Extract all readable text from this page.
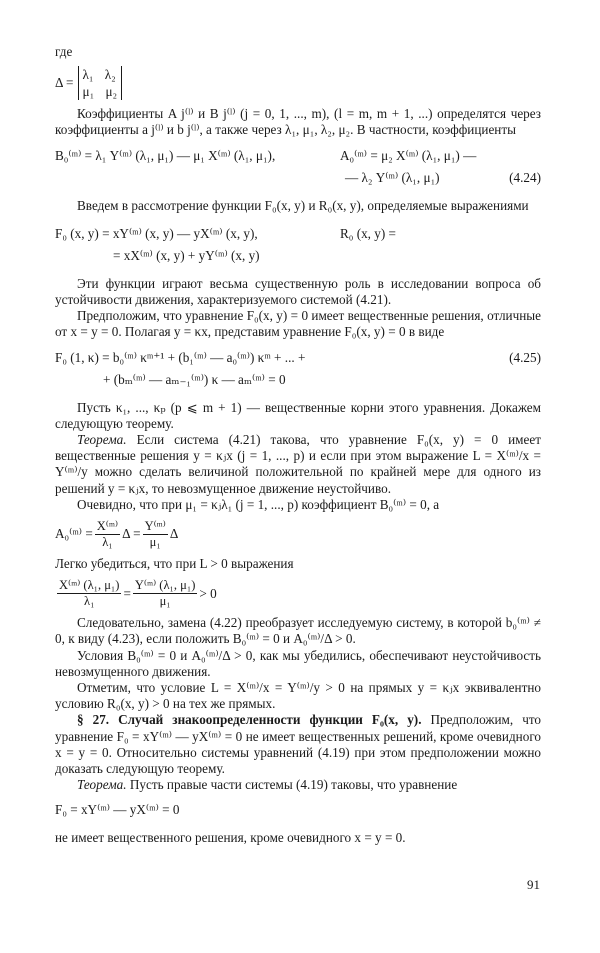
где

Δ =
λ₁ λ₂
μ₁ μ₂

Коэффициенты A j⁽ˡ⁾ и B j⁽ˡ⁾ (j = 0, 1, ..., m), (l = m, m + 1, ...) определятся через коэффициенты a j⁽ˡ⁾ и b j⁽ˡ⁾, а также через λ₁, μ₁, λ₂, μ₂. В частности, коэффициенты

B₀⁽ᵐ⁾ = λ₁ Y⁽ᵐ⁾ (λ₁, μ₁) — μ₁ X⁽ᵐ⁾ (λ₁, μ₁),	A₀⁽ᵐ⁾ = μ₂ X⁽ᵐ⁾ (λ₁, μ₁) —
— λ₂ Y⁽ᵐ⁾ (λ₁, μ₁)	(4.24)

Введем в рассмотрение функции F₀(x, y) и R₀(x, y), определяемые выражениями

F₀ (x, y) = xY⁽ᵐ⁾ (x, y) — yX⁽ᵐ⁾ (x, y),	R₀ (x, y) =
= xX⁽ᵐ⁾ (x, y) + yY⁽ᵐ⁾ (x, y)

Эти функции играют весьма существенную роль в исследовании вопроса об устойчивости движения, характеризуемого системой (4.21).

Предположим, что уравнение F₀(x, y) = 0 имеет вещественные решения, отличные от x = y = 0. Полагая y = κx, представим уравнение F₀(x, y) = 0 в виде

F₀ (1, κ) = b₀⁽ᵐ⁾ κᵐ⁺¹ + (b₁⁽ᵐ⁾ — a₀⁽ᵐ⁾) κᵐ + ... +	(4.25)
+ (bₘ⁽ᵐ⁾ — aₘ₋₁⁽ᵐ⁾) κ — aₘ⁽ᵐ⁾ = 0

Пусть κ₁, ..., κₚ (p ⩽ m + 1) — вещественные корни этого уравнения. Докажем следующую теорему.

Теорема. Если система (4.21) такова, что уравнение F₀(x, y) = 0 имеет вещественные решения y = κⱼx (j = 1, ..., p) и если при этом выражение L = X⁽ᵐ⁾/x = Y⁽ᵐ⁾/y можно сделать величиной положительной по крайней мере для одного из решений y = κⱼx, то невозмущенное движение неустойчиво.

Очевидно, что при μ₁ = κⱼλ₁ (j = 1, ..., p) коэффициент B₀⁽ᵐ⁾ = 0, а

A₀⁽ᵐ⁾ = $\frac{\text{X⁽ᵐ⁾}}{\text{λ₁}}$ $\Delta = \frac{\text{Y⁽ᵐ⁾}}{\text{μ₁}}$ Δ

Легко убедиться, что при L > 0 выражения

$\frac{\text{X⁽ᵐ⁾ (λ₁, μ₁)}}{\text{λ₁}} = \frac{\text{Y⁽ᵐ⁾ (λ₁, μ₁)}}{\text{μ₁}} > 0$

Следовательно, замена (4.22) преобразует исследуемую систему, в которой b₀⁽ᵐ⁾ ≠ 0, к виду (4.23), если положить B₀⁽ᵐ⁾ = 0 и A₀⁽ᵐ⁾/Δ > 0.

Условия B₀⁽ᵐ⁾ = 0 и A₀⁽ᵐ⁾/Δ > 0, как мы убедились, обеспечивают неустойчивость невозмущенного движения.

Отметим, что условие L = X⁽ᵐ⁾/x = Y⁽ᵐ⁾/y > 0 на прямых y = κⱼx эквивалентно условию R₀(x, y) > 0 на тех же прямых.

§ 27. Случай знакоопределенности функции F₀(x, y). Предположим, что уравнение F₀ = xY⁽ᵐ⁾ — yX⁽ᵐ⁾ = 0 не имеет вещественных решений, кроме очевидного x = y = 0. Относительно системы уравнений (4.19) при этом предположении можно доказать следующую теорему.

Теорема. Пусть правые части системы (4.19) таковы, что уравнение

F₀ = xY⁽ᵐ⁾ — yX⁽ᵐ⁾ = 0

не имеет вещественного решения, кроме очевидного x = y = 0.

91
